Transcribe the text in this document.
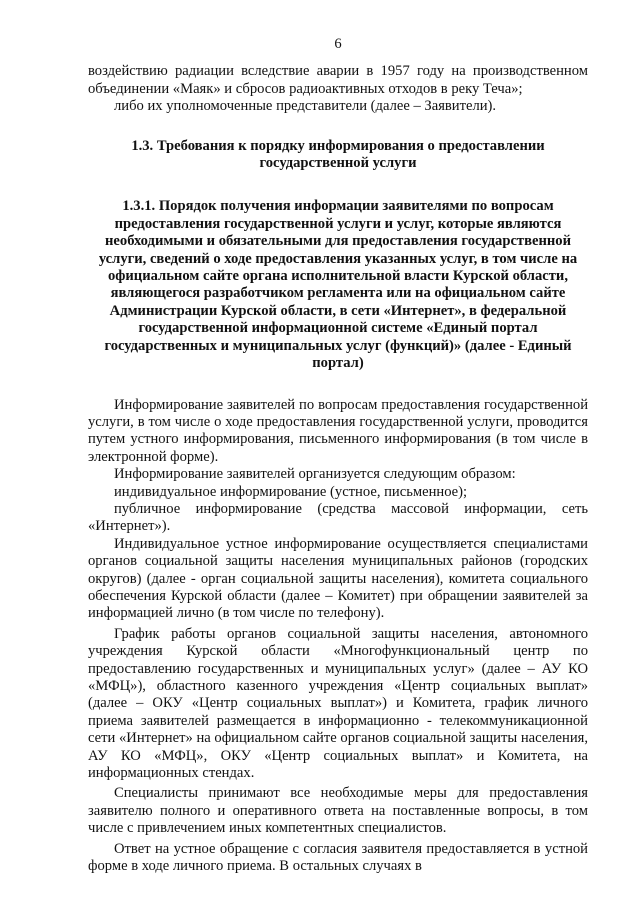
6

воздействию радиации вследствие аварии в 1957 году на производственном объединении «Маяк» и сбросов радиоактивных отходов в реку Теча»;

либо их уполномоченные представители (далее – Заявители).

1.3. Требования к порядку информирования о предоставлении государственной услуги

1.3.1. Порядок получения информации заявителями по вопросам предоставления государственной услуги и услуг, которые являются необходимыми и обязательными для предоставления государственной услуги, сведений о ходе предоставления указанных услуг, в том числе на официальном сайте органа исполнительной власти Курской области, являющегося разработчиком регламента или на официальном сайте Администрации Курской области, в сети «Интернет», в федеральной государственной информационной системе «Единый портал государственных и муниципальных услуг (функций)» (далее - Единый портал)

Информирование заявителей по вопросам предоставления государственной услуги, в том числе о ходе предоставления государственной услуги, проводится путем устного информирования, письменного информирования (в том числе в электронной форме).

Информирование заявителей организуется следующим образом:

индивидуальное информирование (устное, письменное);

публичное информирование (средства массовой информации, сеть «Интернет»).

Индивидуальное устное информирование осуществляется специалистами органов социальной защиты населения муниципальных районов (городских округов) (далее - орган социальной защиты населения), комитета социального обеспечения Курской области (далее – Комитет) при обращении заявителей за информацией лично (в том числе по телефону).

График работы органов социальной защиты населения, автономного учреждения Курской области «Многофункциональный центр по предоставлению государственных и муниципальных услуг» (далее – АУ КО «МФЦ»), областного казенного учреждения «Центр социальных выплат» (далее – ОКУ «Центр социальных выплат») и Комитета, график личного приема заявителей размещается в информационно - телекоммуникационной сети «Интернет» на официальном сайте органов социальной защиты населения, АУ КО «МФЦ», ОКУ «Центр социальных выплат» и Комитета, на информационных стендах.

Специалисты принимают все необходимые меры для предоставления заявителю полного и оперативного ответа на поставленные вопросы, в том числе с привлечением иных компетентных специалистов.

Ответ на устное обращение с согласия заявителя предоставляется в устной форме в ходе личного приема. В остальных случаях в
